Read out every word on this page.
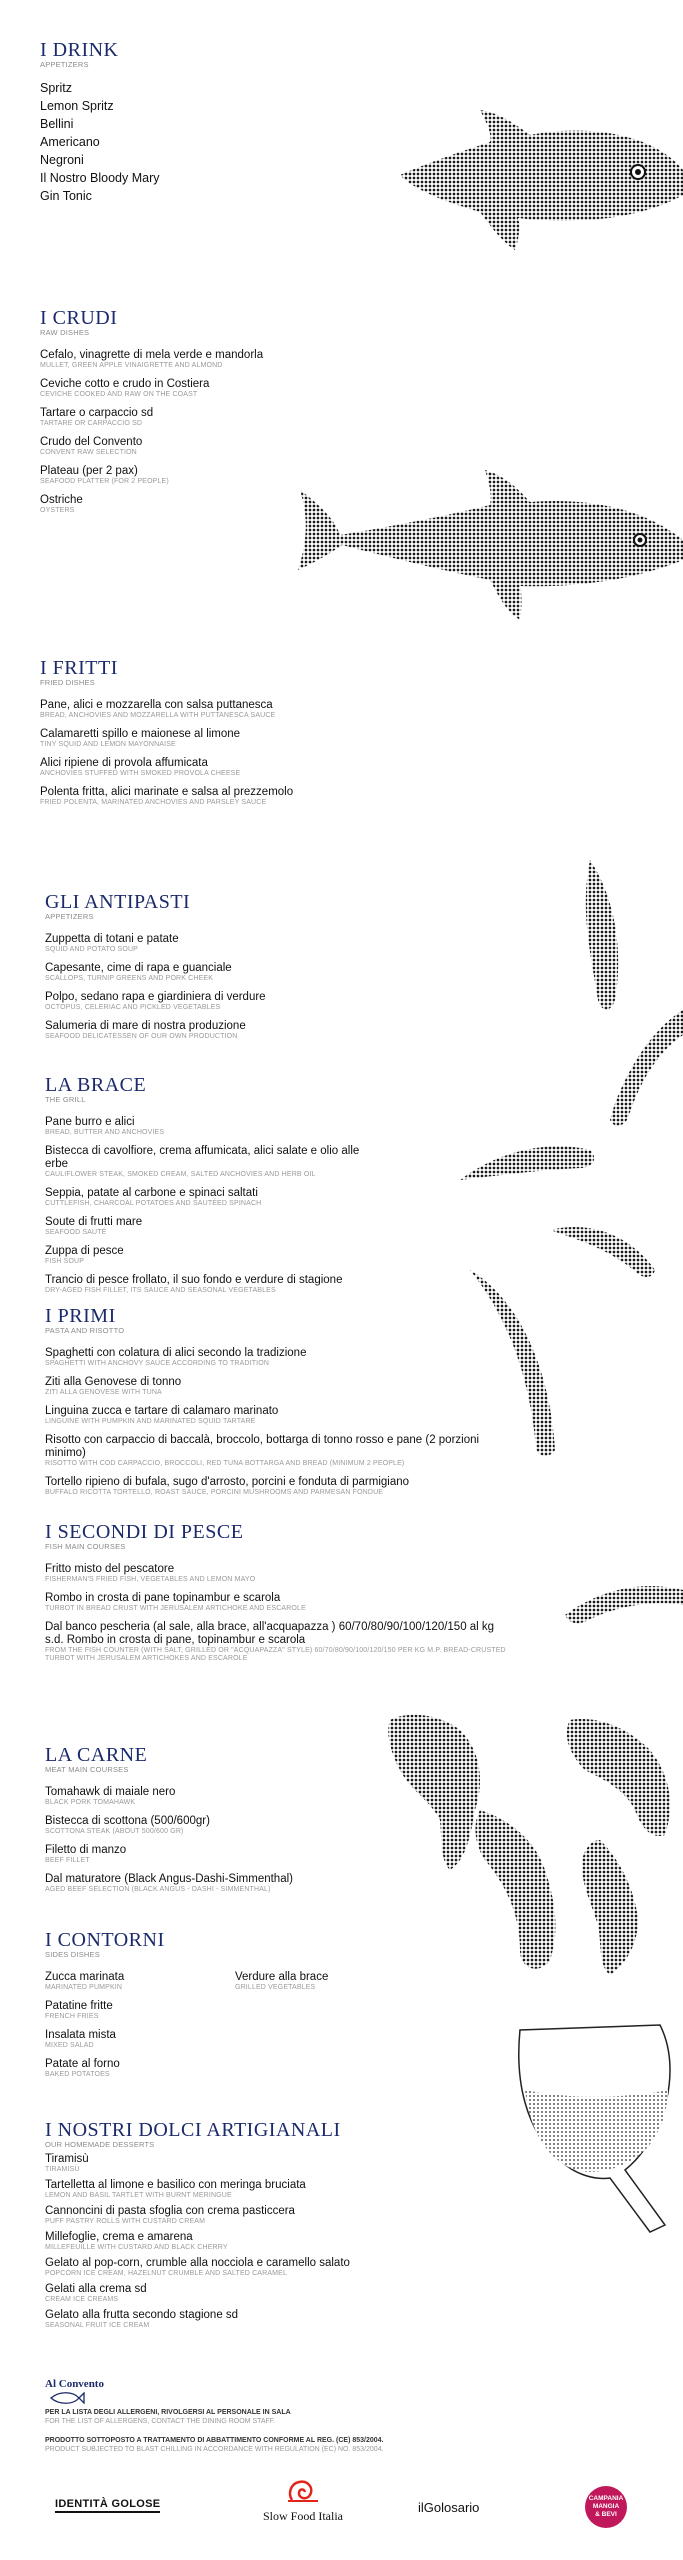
I DRINK
APPETIZERS
Spritz
Lemon Spritz
Bellini
Americano
Negroni
Il Nostro Bloody Mary
Gin Tonic
I CRUDI
RAW DISHES
Cefalo, vinagrette di mela verde e mandorla
MULLET, GREEN APPLE VINAIGRETTE AND ALMOND
Ceviche cotto e crudo in Costiera
CEVICHE COOKED AND RAW ON THE COAST
Tartare o carpaccio sd
TARTARE OR CARPACCIO SD
Crudo del Convento
CONVENT RAW SELECTION
Plateau (per 2 pax)
SEAFOOD PLATTER (FOR 2 PEOPLE)
Ostriche
OYSTERS
I FRITTI
FRIED DISHES
Pane, alici e mozzarella con salsa puttanesca
BREAD, ANCHOVIES AND MOZZARELLA WITH PUTTANESCA SAUCE
Calamaretti spillo e maionese al limone
TINY SQUID AND LEMON MAYONNAISE
Alici ripiene di provola affumicata
ANCHOVIES STUFFED WITH SMOKED PROVOLA CHEESE
Polenta fritta, alici marinate e salsa al prezzemolo
FRIED POLENTA, MARINATED ANCHOVIES AND PARSLEY SAUCE
GLI ANTIPASTI
APPETIZERS
Zuppetta di totani e patate
SQUID AND POTATO SOUP
Capesante, cime di rapa e guanciale
SCALLOPS, TURNIP GREENS AND PORK CHEEK
Polpo, sedano rapa e giardiniera di verdure
OCTOPUS, CELERIAC AND PICKLED VEGETABLES
Salumeria di mare di nostra produzione
SEAFOOD DELICATESSEN OF OUR OWN PRODUCTION
LA BRACE
THE GRILL
Pane burro e alici
BREAD, BUTTER AND ANCHOVIES
Bistecca di cavolfiore, crema affumicata, alici salate e olio alle erbe
CAULIFLOWER STEAK, SMOKED CREAM, SALTED ANCHOVIES AND HERB OIL
Seppia, patate al carbone e spinaci saltati
CUTTLEFISH, CHARCOAL POTATOES AND SAUTÉED SPINACH
Soute di frutti mare
SEAFOOD SAUTÉ
Zuppa di pesce
FISH SOUP
Trancio di pesce frollato, il suo fondo e verdure di stagione
DRY-AGED FISH FILLET, ITS SAUCE AND SEASONAL VEGETABLES
I PRIMI
PASTA AND RISOTTO
Spaghetti con colatura di alici secondo la tradizione
SPAGHETTI WITH ANCHOVY SAUCE ACCORDING TO TRADITION
Ziti alla Genovese di tonno
ZITI ALLA GENOVESE WITH TUNA
Linguina zucca e tartare di calamaro marinato
LINGUINE WITH PUMPKIN AND MARINATED SQUID TARTARE
Risotto con carpaccio di baccalà, broccolo, bottarga di tonno rosso e pane (2 porzioni minimo)
RISOTTO WITH COD CARPACCIO, BROCCOLI, RED TUNA BOTTARGA AND BREAD (MINIMUM 2 PEOPLE)
Tortello ripieno di bufala, sugo d'arrosto, porcini e fonduta di parmigiano
BUFFALO RICOTTA TORTELLO, ROAST SAUCE, PORCINI MUSHROOMS AND PARMESAN FONDUE
I SECONDI DI PESCE
FISH MAIN COURSES
Fritto misto del pescatore
FISHERMAN'S FRIED FISH, VEGETABLES AND LEMON MAYO
Rombo in crosta di pane topinambur e scarola
TURBOT IN BREAD CRUST WITH JERUSALEM ARTICHOKE AND ESCAROLE
Dal banco pescheria (al sale, alla brace, all'acquapazza ) 60/70/80/90/100/120/150 al kg s.d. Rombo in crosta di pane, topinambur e scarola
FROM THE FISH COUNTER (WITH SALT, GRILLED OR "ACQUAPAZZA" STYLE) 60/70/80/90/100/120/150 PER KG M.P. BREAD-CRUSTED TURBOT WITH JERUSALEM ARTICHOKES AND ESCAROLE
LA CARNE
MEAT MAIN COURSES
Tomahawk di maiale nero
BLACK PORK TOMAHAWK
Bistecca di scottona (500/600gr)
SCOTTONA STEAK (ABOUT 500/600 GR)
Filetto di manzo
BEEF FILLET
Dal maturatore (Black Angus-Dashi-Simmenthal)
AGED BEEF SELECTION (BLACK ANGUS - DASHI - SIMMENTHAL)
I CONTORNI
SIDES DISHES
Zucca marinata
MARINATED PUMPKIN
Patatine fritte
FRENCH FRIES
Insalata mista
MIXED SALAD
Patate al forno
BAKED POTATOES
Verdure alla brace
GRILLED VEGETABLES
I NOSTRI DOLCI ARTIGIANALI
OUR HOMEMADE DESSERTS
Tiramisù
TIRAMISÙ
Tartelletta al limone e basilico con meringa bruciata
LEMON AND BASIL TARTLET WITH BURNT MERINGUE
Cannoncini di pasta sfoglia con crema pasticcera
PUFF PASTRY ROLLS WITH CUSTARD CREAM
Millefoglie, crema e amarena
MILLEFEUILLE WITH CUSTARD AND BLACK CHERRY
Gelato al pop-corn, crumble alla nocciola e caramello salato
POPCORN ICE CREAM, HAZELNUT CRUMBLE AND SALTED CARAMEL
Gelati alla crema sd
CREAM ICE CREAMS
Gelato alla frutta secondo stagione sd
SEASONAL FRUIT ICE CREAM
Al Convento
PER LA LISTA DEGLI ALLERGENI, RIVOLGERSI AL PERSONALE IN SALA
FOR THE LIST OF ALLERGENS, CONTACT THE DINING ROOM STAFF.
PRODOTTO SOTTOPOSTO A TRATTAMENTO DI ABBATTIMENTO CONFORME AL REG. (CE) 853/2004.
PRODUCT SUBJECTED TO BLAST CHILLING IN ACCORDANCE WITH REGULATION (EC) NO. 853/2004.
IDENTITÀ GOLOSE
Slow Food Italia
ilGolosario
CAMPANIA
MANGIA
& BEVI
